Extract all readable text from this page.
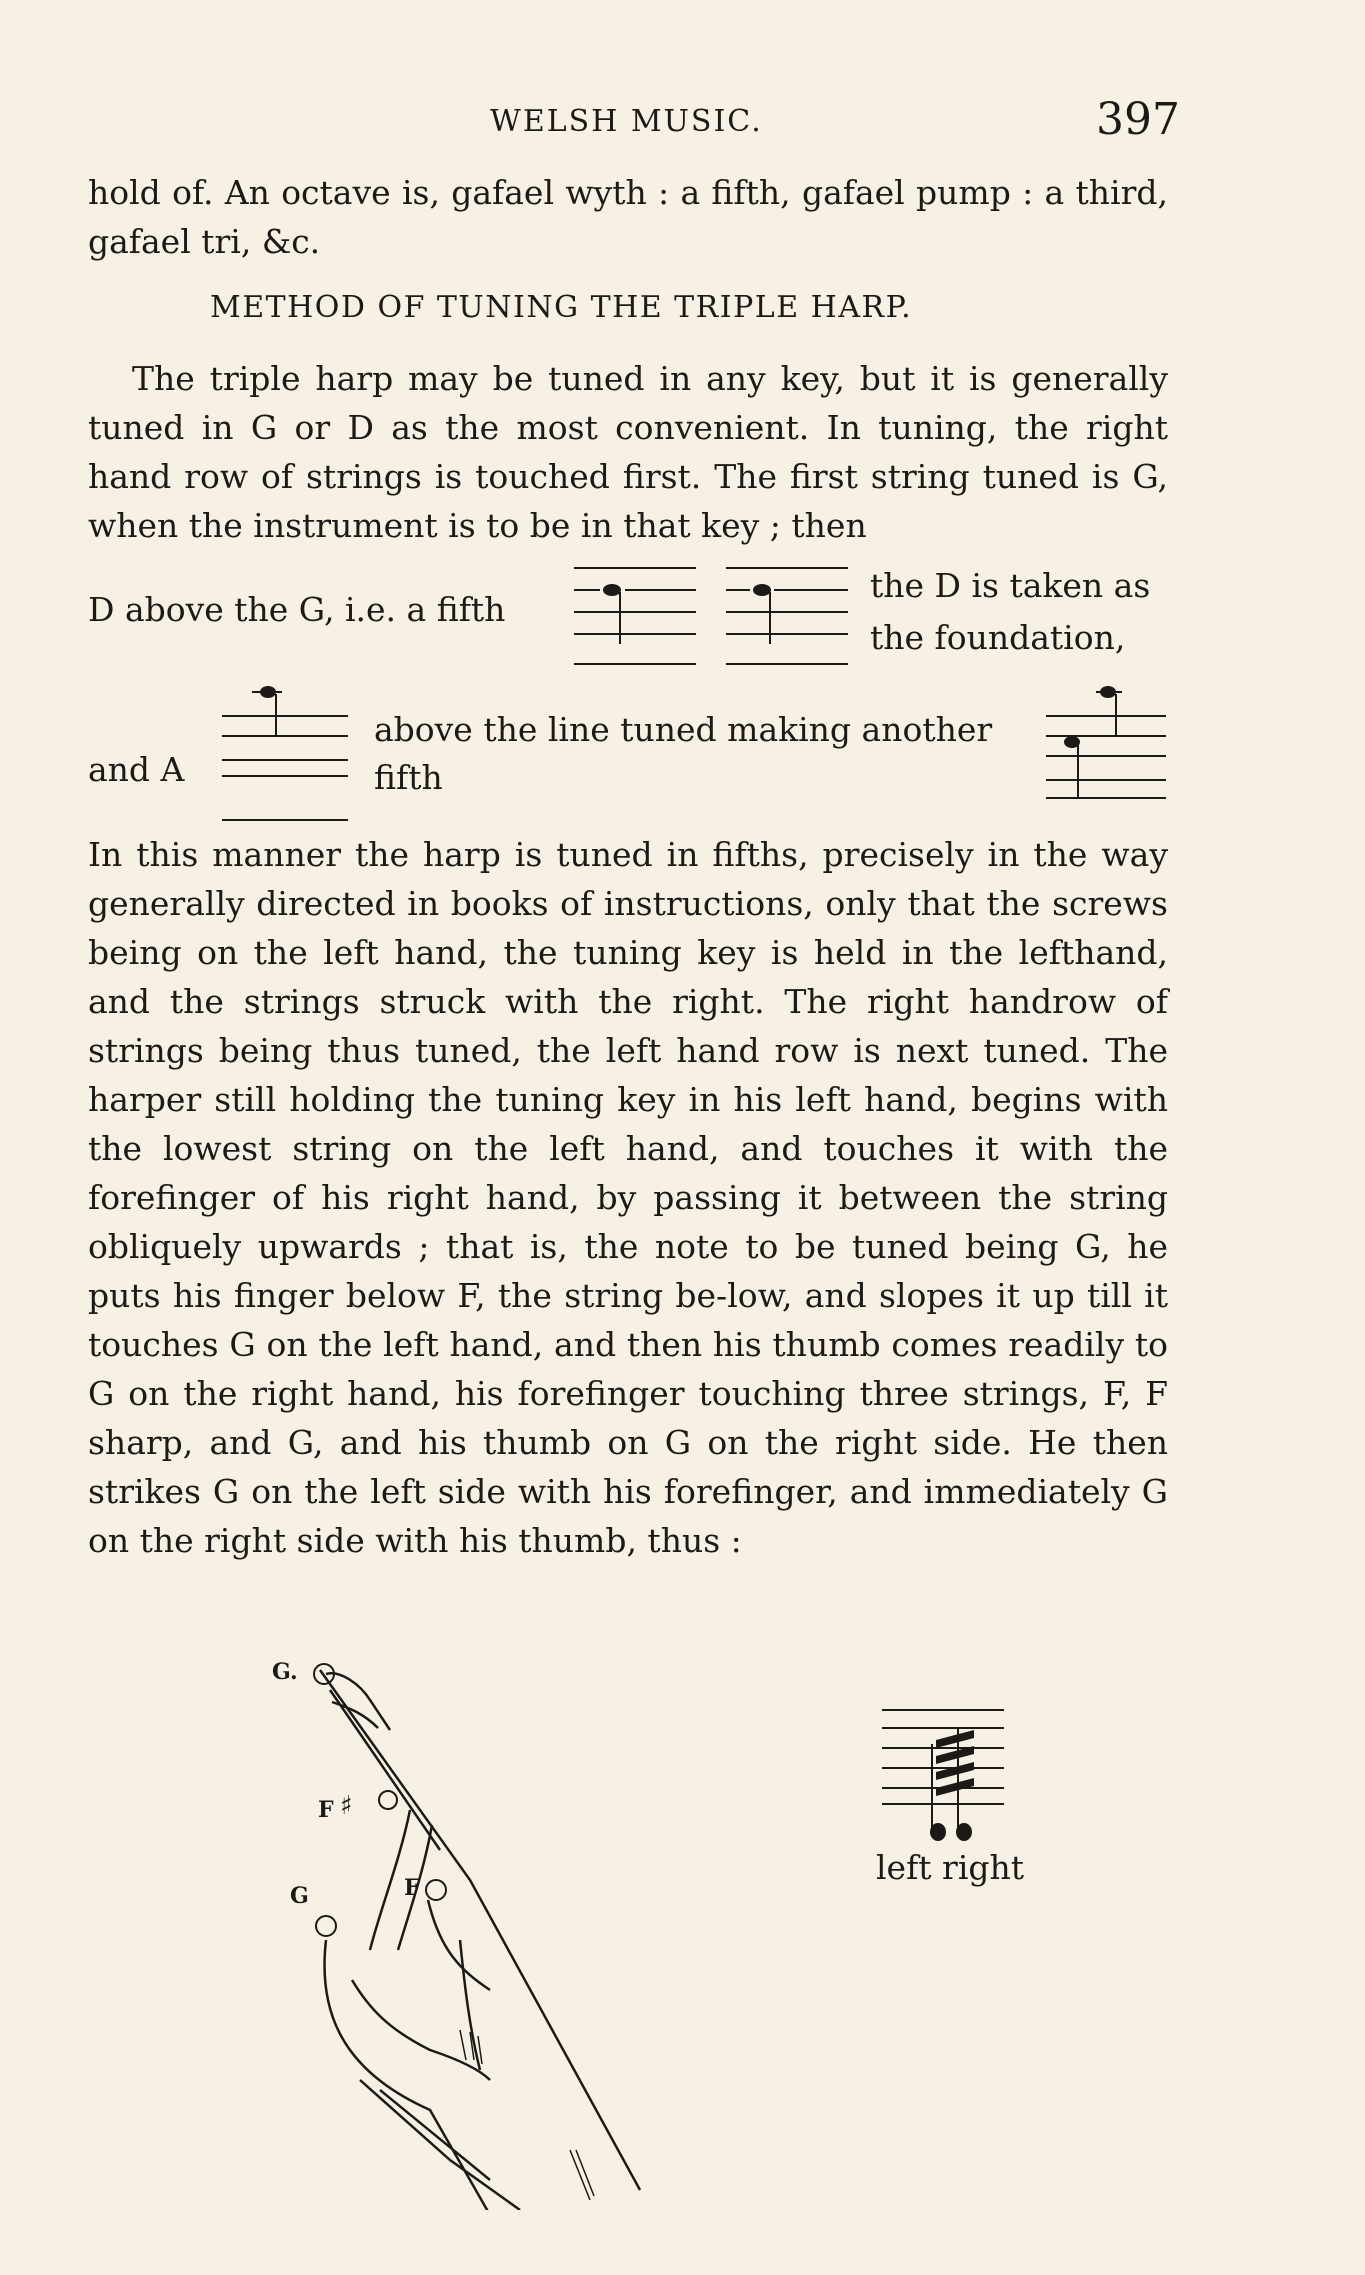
WELSH MUSIC.	397
hold of. An octave is, gafael wyth : a fifth, gafael pump : a third, gafael tri, &c.
METHOD OF TUNING THE TRIPLE HARP.
The triple harp may be tuned in any key, but it is generally tuned in G or D as the most convenient. In tuning, the right hand row of strings is touched first. The first string tuned is G, when the instrument is to be in that key ; then
D above the G, i.e. a fifth
the D is taken as
the foundation,
and A
above the line tuned making another
fifth
In this manner the harp is tuned in fifths, precisely in the way generally directed in books of instructions, only that the screws being on the left hand, the tuning key is held in the lefthand, and the strings struck with the right. The right handrow of strings being thus tuned, the left hand row is next tuned. The harper still holding the tuning key in his left hand, begins with the lowest string on the left hand, and touches it with the forefinger of his right hand, by passing it between the string obliquely upwards ; that is, the note to be tuned being G, he puts his finger below F, the string be-low, and slopes it up till it touches G on the left hand, and then his thumb comes readily to G on the right hand, his forefinger touching three strings, F, F sharp, and G, and his thumb on G on the right side. He then strikes G on the left side with his forefinger, and immediately G on the right side with his thumb, thus :
G.
F ♯
G	F
left right
